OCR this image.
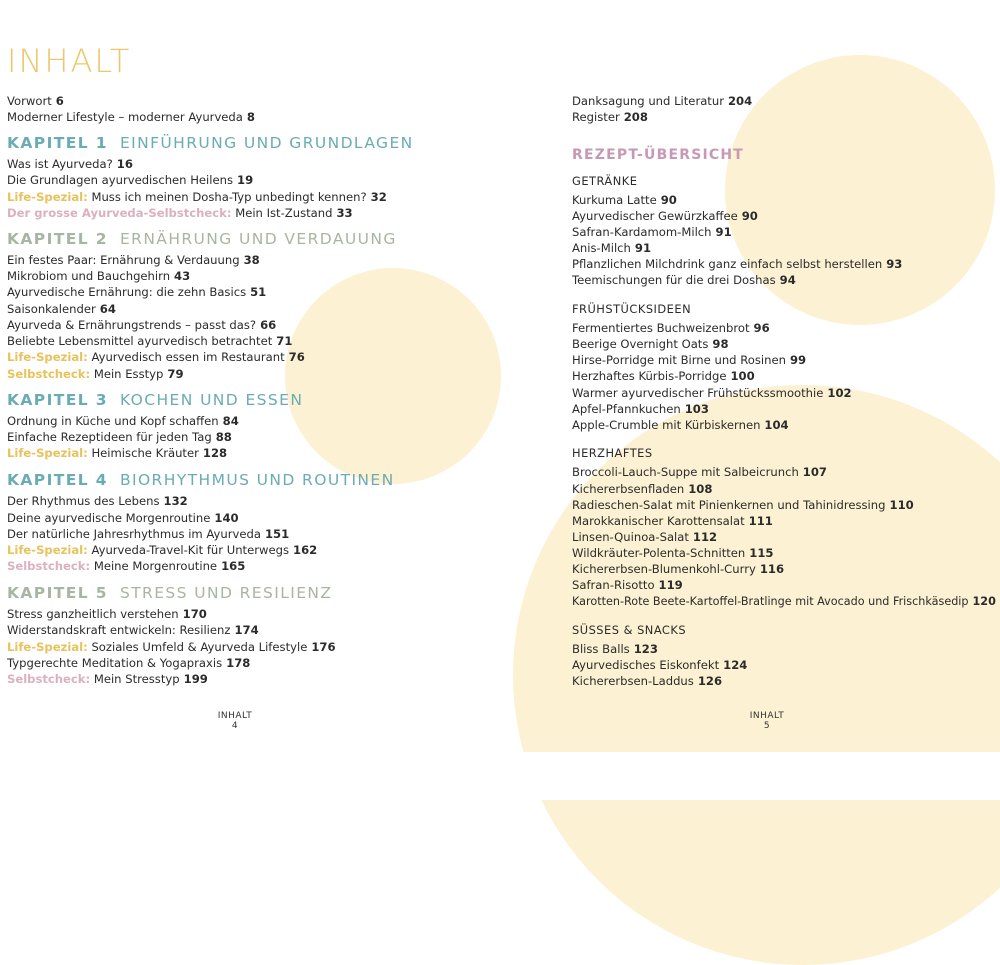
INHALT
Vorwort 6
Moderner Lifestyle – moderner Ayurveda 8
KAPITEL 1 EINFÜHRUNG UND GRUNDLAGEN
Was ist Ayurveda? 16
Die Grundlagen ayurvedischen Heilens 19
Life-Spezial: Muss ich meinen Dosha-Typ unbedingt kennen? 32
Der grosse Ayurveda-Selbstcheck: Mein Ist-Zustand 33
KAPITEL 2 ERNÄHRUNG UND VERDAUUNG
Ein festes Paar: Ernährung & Verdauung 38
Mikrobiom und Bauchgehirn 43
Ayurvedische Ernährung: die zehn Basics 51
Saisonkalender 64
Ayurveda & Ernährungstrends – passt das? 66
Beliebte Lebensmittel ayurvedisch betrachtet 71
Life-Spezial: Ayurvedisch essen im Restaurant 76
Selbstcheck: Mein Esstyp 79
KAPITEL 3 KOCHEN UND ESSEN
Ordnung in Küche und Kopf schaffen 84
Einfache Rezeptideen für jeden Tag 88
Life-Spezial: Heimische Kräuter 128
KAPITEL 4 BIORHYTHMUS UND ROUTINEN
Der Rhythmus des Lebens 132
Deine ayurvedische Morgenroutine 140
Der natürliche Jahresrhythmus im Ayurveda 151
Life-Spezial: Ayurveda-Travel-Kit für Unterwegs 162
Selbstcheck: Meine Morgenroutine 165
KAPITEL 5 STRESS UND RESILIENZ
Stress ganzheitlich verstehen 170
Widerstandskraft entwickeln: Resilienz 174
Life-Spezial: Soziales Umfeld & Ayurveda Lifestyle 176
Typgerechte Meditation & Yogapraxis 178
Selbstcheck: Mein Stresstyp 199
INHALT
4
Danksagung und Literatur 204
Register 208
REZEPT-ÜBERSICHT
GETRÄNKE
Kurkuma Latte 90
Ayurvedischer Gewürzkaffee 90
Safran-Kardamom-Milch 91
Anis-Milch 91
Pflanzlichen Milchdrink ganz einfach selbst herstellen 93
Teemischungen für die drei Doshas 94
FRÜHSTÜCKSIDEEN
Fermentiertes Buchweizenbrot 96
Beerige Overnight Oats 98
Hirse-Porridge mit Birne und Rosinen 99
Herzhaftes Kürbis-Porridge 100
Warmer ayurvedischer Frühstückssmoothie 102
Apfel-Pfannkuchen 103
Apple-Crumble mit Kürbiskernen 104
HERZHAFTES
Broccoli-Lauch-Suppe mit Salbeicrunch 107
Kichererbsenfladen 108
Radieschen-Salat mit Pinienkernen und Tahinidressing 110
Marokkanischer Karottensalat 111
Linsen-Quinoa-Salat 112
Wildkräuter-Polenta-Schnitten 115
Kichererbsen-Blumenkohl-Curry 116
Safran-Risotto 119
Karotten-Rote Beete-Kartoffel-Bratlinge mit Avocado und Frischkäsedip 120
SÜSSES & SNACKS
Bliss Balls 123
Ayurvedisches Eiskonfekt 124
Kichererbsen-Laddus 126
INHALT
5
